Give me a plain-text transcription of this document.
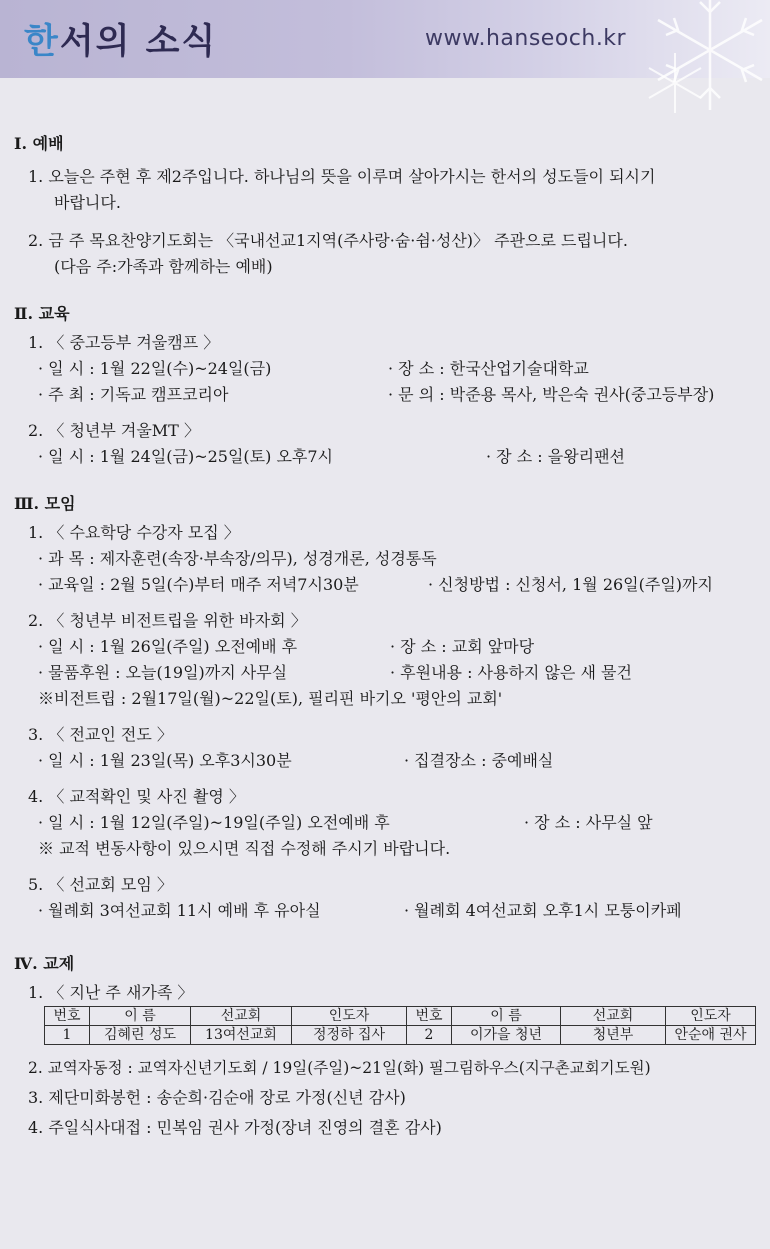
한서의 소식	www.hanseoch.kr
Ⅰ. 예배
1. 오늘은 주현 후 제2주입니다. 하나님의 뜻을 이루며 살아가시는 한서의 성도들이 되시기
바랍니다.
2. 금 주 목요찬양기도회는 〈국내선교1지역(주사랑·숨·쉼·성산)〉 주관으로 드립니다.
(다음 주:가족과 함께하는 예배)
Ⅱ. 교육
1. 〈 중고등부 겨울캠프 〉
· 일 시 : 1월 22일(수)~24일(금)	· 장 소 : 한국산업기술대학교
· 주 최 : 기독교 캠프코리아	· 문 의 : 박준용 목사, 박은숙 권사(중고등부장)
2. 〈 청년부 겨울MT 〉
· 일 시 : 1월 24일(금)~25일(토) 오후7시	· 장 소 : 을왕리팬션
Ⅲ. 모임
1. 〈 수요학당 수강자 모집 〉
· 과 목 : 제자훈련(속장·부속장/의무), 성경개론, 성경통독
· 교육일 : 2월 5일(수)부터 매주 저녁7시30분	· 신청방법 : 신청서, 1월 26일(주일)까지
2. 〈 청년부 비전트립을 위한 바자회 〉
· 일 시 : 1월 26일(주일) 오전예배 후	· 장 소 : 교회 앞마당
· 물품후원 : 오늘(19일)까지 사무실	· 후원내용 : 사용하지 않은 새 물건
※비전트립 : 2월17일(월)~22일(토), 필리핀 바기오 '평안의 교회'
3. 〈 전교인 전도 〉
· 일 시 : 1월 23일(목) 오후3시30분	· 집결장소 : 중예배실
4. 〈 교적확인 및 사진 촬영 〉
· 일 시 : 1월 12일(주일)~19일(주일) 오전예배 후	· 장 소 : 사무실 앞
※ 교적 변동사항이 있으시면 직접 수정해 주시기 바랍니다.
5. 〈 선교회 모임 〉
· 월례회 3여선교회 11시 예배 후 유아실	· 월례회 4여선교회 오후1시 모퉁이카페
Ⅳ. 교제
1. 〈 지난 주 새가족 〉
번호	이 름	선교회	인도자	번호	이 름	선교회	인도자
1	김혜린 성도	13여선교회	정정하 집사	2	이가을 청년	청년부	안순애 권사
2. 교역자동정 : 교역자신년기도회 / 19일(주일)~21일(화) 필그림하우스(지구촌교회기도원)
3. 제단미화봉헌 : 송순희·김순애 장로 가정(신년 감사)
4. 주일식사대접 : 민복임 권사 가정(장녀 진영의 결혼 감사)
